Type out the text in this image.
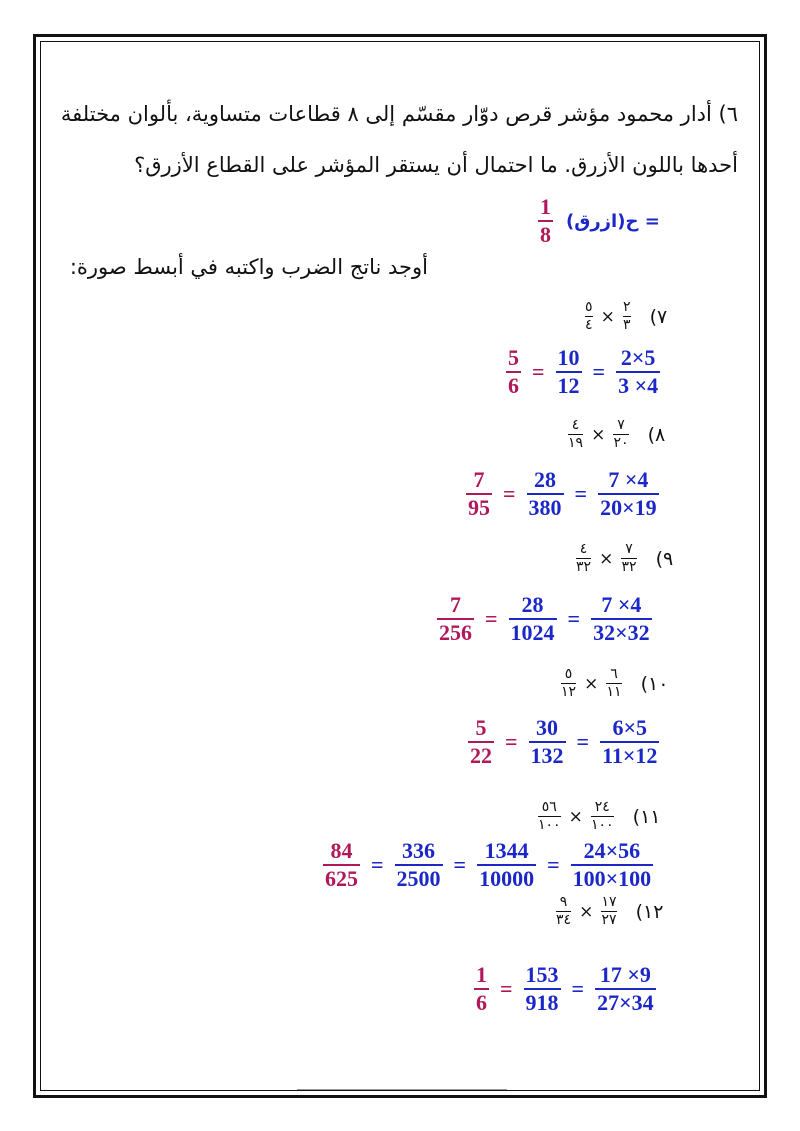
٦) أدار محمود مؤشر قرص دوّار مقسّم إلى ٨ قطاعات متساوية، بألوان مختلفة
أحدها باللون الأزرق. ما احتمال أن يستقر المؤشر على القطاع الأزرق؟
$\frac{1}{8}$ ح(ازرق) =
أوجد ناتج الضرب واكتبه في أبسط صورة:
٥
٤ × ٢
٣ (٧
$\frac{5}{6} = \frac{10}{12} = \frac{2\times 5}{3 \times 4}$
٤
١٩ × ٧
٢٠ (٨
$\frac{7}{95} = \frac{28}{380} = \frac{7 \times 4}{20\times 19}$
٤
٣٢ × ٧
٣٢ (٩
$\frac{7}{256} = \frac{28}{1024} = \frac{7 \times 4}{32\times 32}$
٥
١٢ × ٦
١١ (١٠
$\frac{5}{22} = \frac{30}{132} = \frac{6\times 5}{11\times 12}$
٥٦
١٠٠ × ٢٤
١٠٠ (١١
$\frac{84}{625} = \frac{336}{2500} = \frac{1344}{10000} = \frac{24\times 56}{100\times 100}$
٩
٣٤ × ١٧
٢٧ (١٢
$\frac{1}{6} = \frac{153}{918} = \frac{17 \times 9}{27\times 34}$
